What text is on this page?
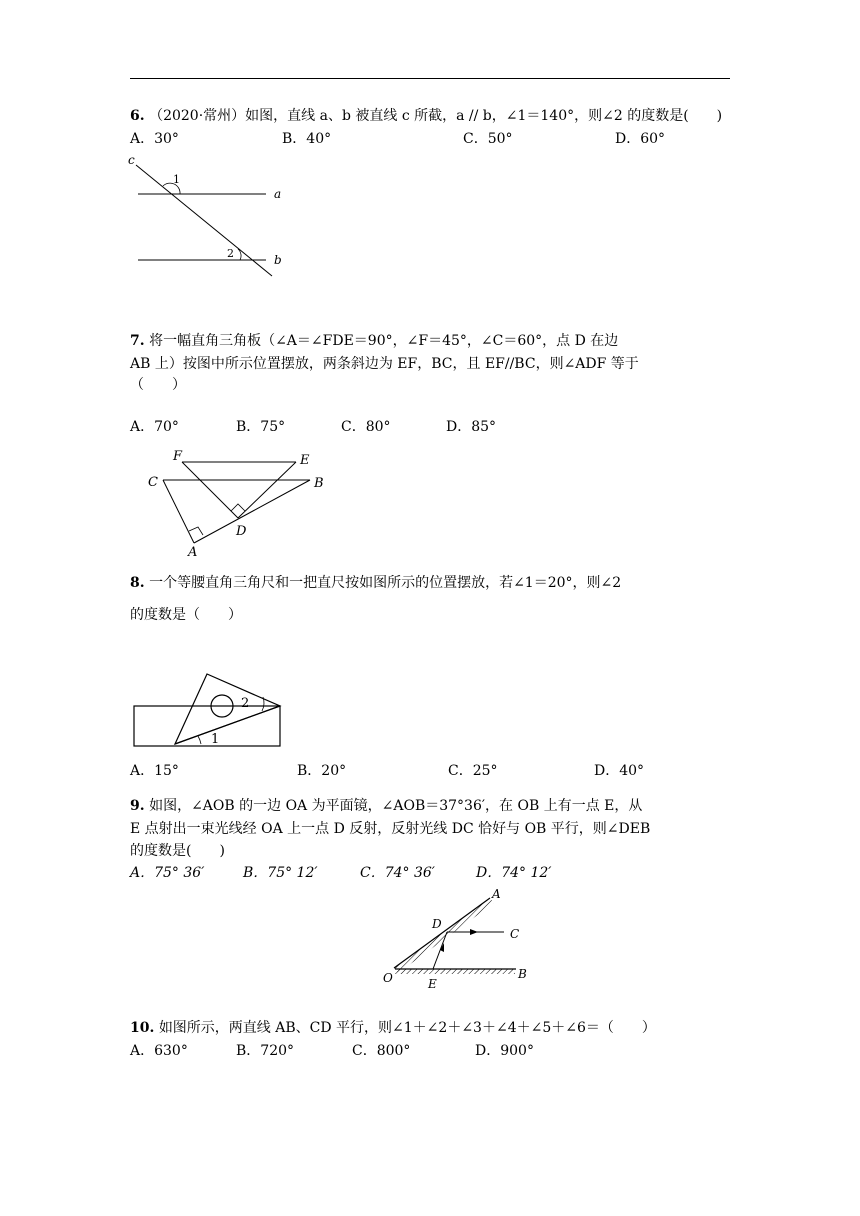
6. （2020·常州）如图，直线 a、b 被直线 c 所截，a // b，∠1＝140°，则∠2 的度数是(　　)
A．30°	B．40°	C．50°	D．60°
c
a
b
1
2
7. 将一幅直角三角板（∠A＝∠FDE＝90°，∠F＝45°，∠C＝60°，点 D 在边
AB 上）按图中所示位置摆放，两条斜边为 EF，BC，且 EF//BC，则∠ADF 等于
（　　）
A．70°	B．75°	C．80°	D．85°
F	E
C	B
D
A
8. 一个等腰直角三角尺和一把直尺按如图所示的位置摆放，若∠1＝20°，则∠2
的度数是（　　）
A．15°	B．20°	C．25°	D．40°
2
1
9. 如图，∠AOB 的一边 OA 为平面镜，∠AOB＝37°36′，在 OB 上有一点 E，从
E 点射出一束光线经 OA 上一点 D 反射，反射光线 DC 恰好与 OB 平行，则∠DEB
的度数是(　　)
A．75° 36′	B．75° 12′	C．74° 36′	D．74° 12′
A
D
C
O	E
B
10. 如图所示，两直线 AB、CD 平行，则∠1＋∠2＋∠3＋∠4＋∠5＋∠6＝（　　）
A．630°	B．720°	C．800°	D．900°
